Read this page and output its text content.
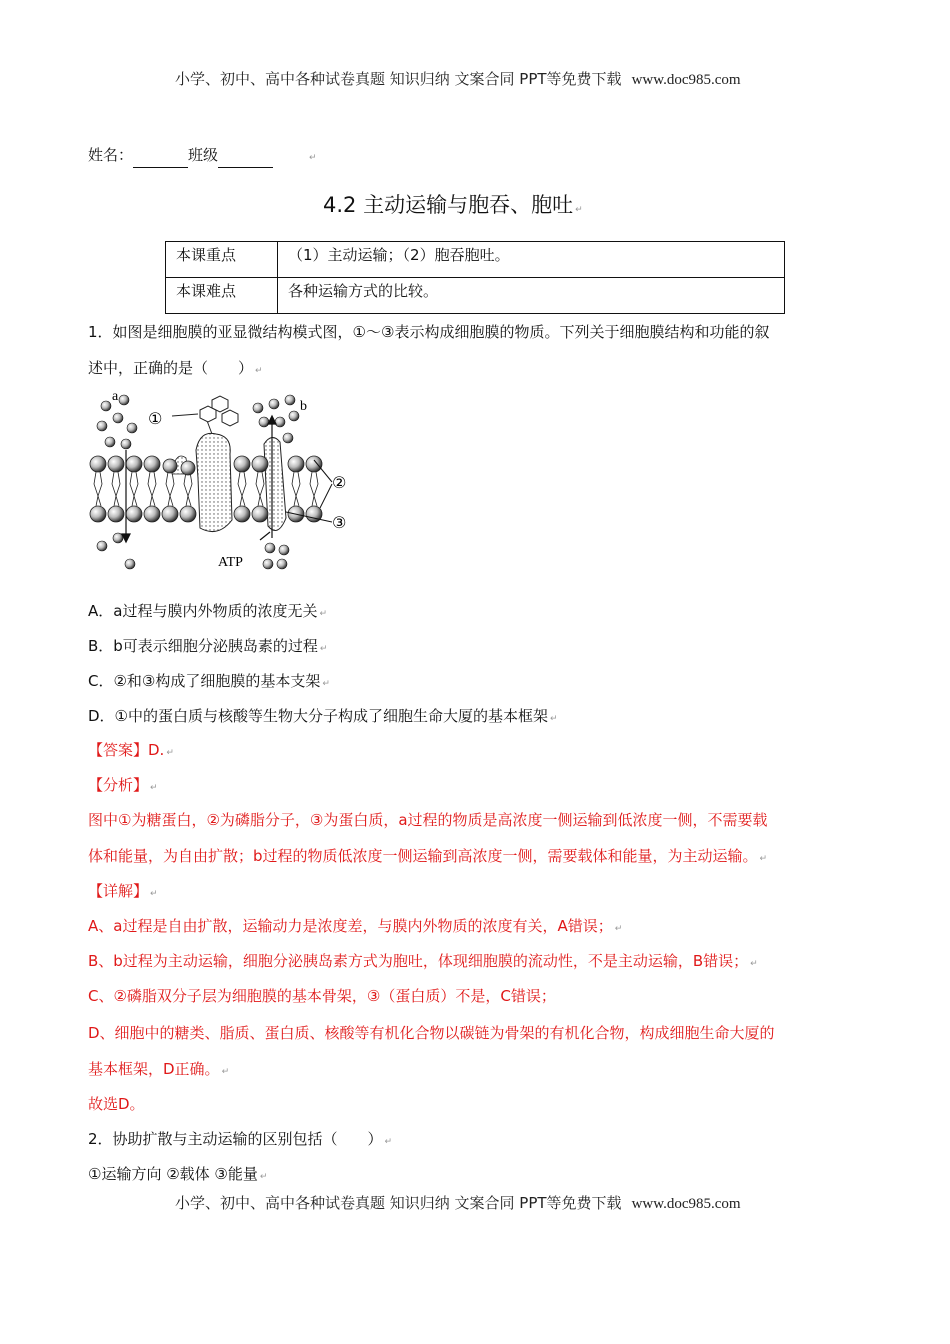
小学、初中、高中各种试卷真题 知识归纳 文案合同 PPT等免费下载 www.doc985.com
姓名：	班级	↵
4.2 主动运输与胞吞、胞吐 ↵
本课重点	（1）主动运输；（2）胞吞胞吐。
本课难点	各种运输方式的比较。
1．如图是细胞膜的亚显微结构模式图，①～③表示构成细胞膜的物质。下列关于细胞膜结构和功能的叙
述中，正确的是（　　） ↵
a
b
①
②
③
ATP
A．a过程与膜内外物质的浓度无关 ↵
B．b可表示细胞分泌胰岛素的过程 ↵
C．②和③构成了细胞膜的基本支架 ↵
D．①中的蛋白质与核酸等生物大分子构成了细胞生命大厦的基本框架 ↵
【答案】D. ↵
【分析】 ↵
图中①为糖蛋白，②为磷脂分子，③为蛋白质，a过程的物质是高浓度一侧运输到低浓度一侧，不需要载
体和能量，为自由扩散；b过程的物质低浓度一侧运输到高浓度一侧，需要载体和能量，为主动运输。 ↵
【详解】 ↵
A、a过程是自由扩散，运输动力是浓度差，与膜内外物质的浓度有关，A错误； ↵
B、b过程为主动运输，细胞分泌胰岛素方式为胞吐，体现细胞膜的流动性，不是主动运输，B错误； ↵
C、②磷脂双分子层为细胞膜的基本骨架，③（蛋白质）不是，C错误；
D、细胞中的糖类、脂质、蛋白质、核酸等有机化合物以碳链为骨架的有机化合物，构成细胞生命大厦的
基本框架，D正确。 ↵
故选D。
2．协助扩散与主动运输的区别包括（　　） ↵
①运输方向 ②载体 ③能量 ↵
小学、初中、高中各种试卷真题 知识归纳 文案合同 PPT等免费下载 www.doc985.com
